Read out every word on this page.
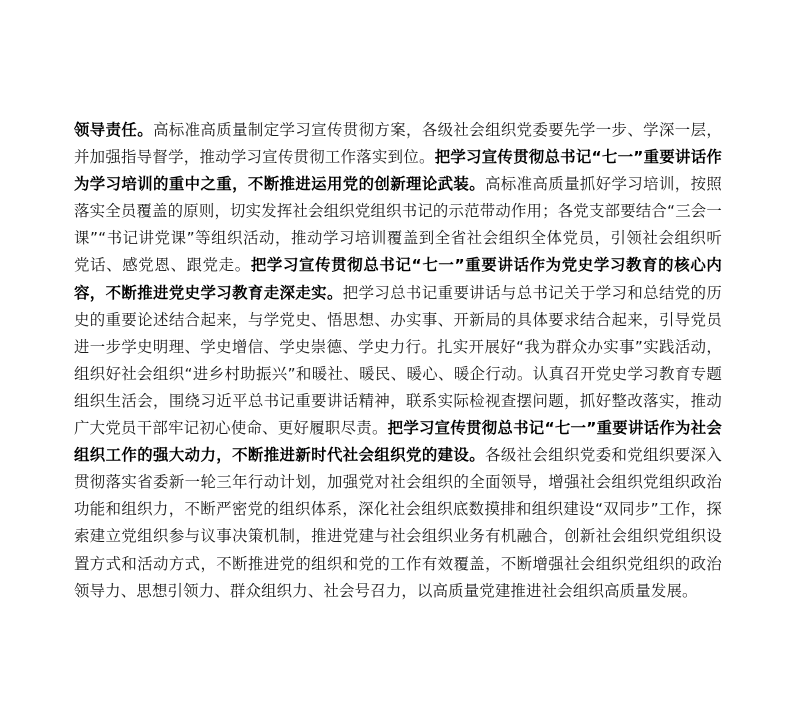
领导责任。高标准高质量制定学习宣传贯彻方案，各级社会组织党委要先学一步、学深一层，并加强指导督学，推动学习宣传贯彻工作落实到位。把学习宣传贯彻总书记“七一”重要讲话作为学习培训的重中之重，不断推进运用党的创新理论武装。高标准高质量抓好学习培训，按照落实全员覆盖的原则，切实发挥社会组织党组织书记的示范带动作用；各党支部要结合“三会一课”“书记讲党课”等组织活动，推动学习培训覆盖到全省社会组织全体党员，引领社会组织听党话、感党恩、跟党走。把学习宣传贯彻总书记“七一”重要讲话作为党史学习教育的核心内容，不断推进党史学习教育走深走实。把学习总书记重要讲话与总书记关于学习和总结党的历史的重要论述结合起来，与学党史、悟思想、办实事、开新局的具体要求结合起来，引导党员进一步学史明理、学史增信、学史崇德、学史力行。扎实开展好“我为群众办实事”实践活动，组织好社会组织“进乡村助振兴”和暖社、暖民、暖心、暖企行动。认真召开党史学习教育专题组织生活会，围绕习近平总书记重要讲话精神，联系实际检视查摆问题，抓好整改落实，推动广大党员干部牢记初心使命、更好履职尽责。把学习宣传贯彻总书记“七一”重要讲话作为社会组织工作的强大动力，不断推进新时代社会组织党的建设。各级社会组织党委和党组织要深入贯彻落实省委新一轮三年行动计划，加强党对社会组织的全面领导，增强社会组织党组织政治功能和组织力，不断严密党的组织体系，深化社会组织底数摸排和组织建设“双同步”工作，探索建立党组织参与议事决策机制，推进党建与社会组织业务有机融合，创新社会组织党组织设置方式和活动方式，不断推进党的组织和党的工作有效覆盖，不断增强社会组织党组织的政治领导力、思想引领力、群众组织力、社会号召力，以高质量党建推进社会组织高质量发展。
